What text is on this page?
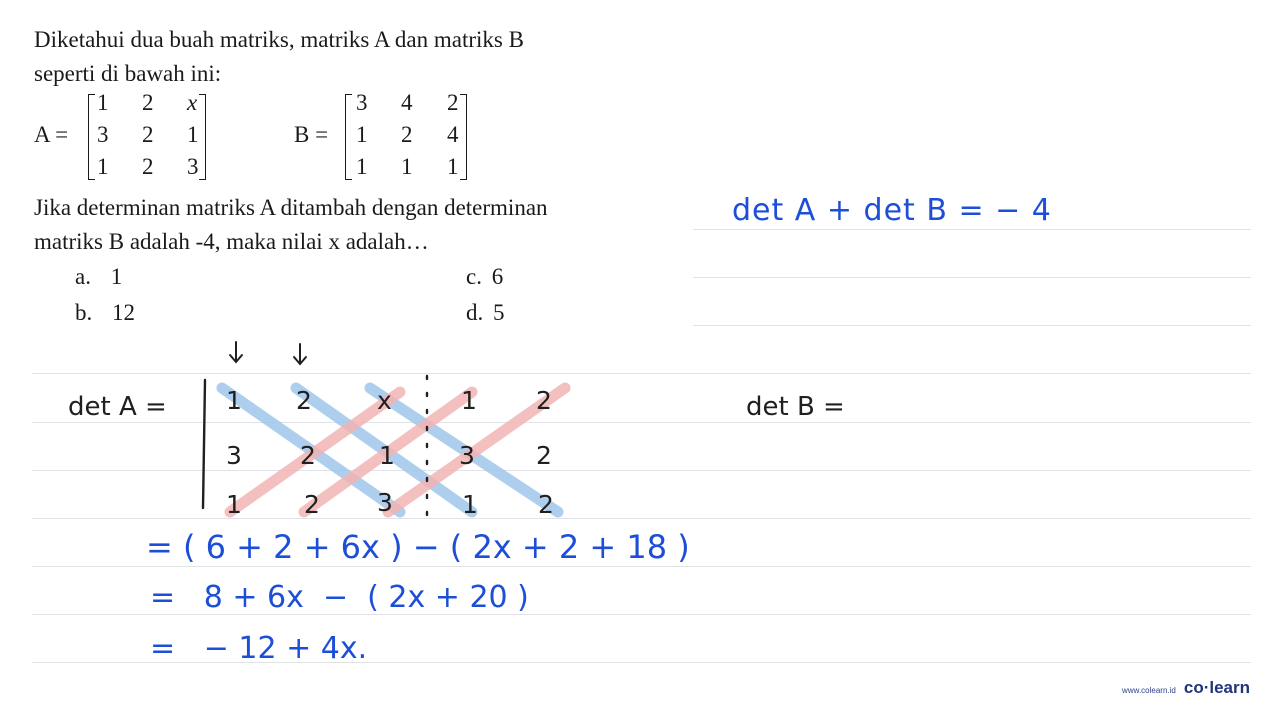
Diketahui dua buah matriks, matriks A dan matriks B
seperti di bawah ini:
A =
1 2 x
3 2 1
1 2 3
B =
3 4 2
1 2 4
1 1 1
Jika determinan matriks A ditambah dengan determinan
matriks B adalah -4, maka nilai x adalah…
a. 1
b. 12
c. 6
d. 5
det A + det B = − 4
det A = 1 2	x	1 2
3 2	1	3 2
1 2 3	1 2
det B =
= ( 6 + 2 + 6x ) − ( 2x + 2 + 18 )
=   8 + 6x  −  ( 2x + 20 )
=   − 12 + 4x.
www.colearn.id co·learn
